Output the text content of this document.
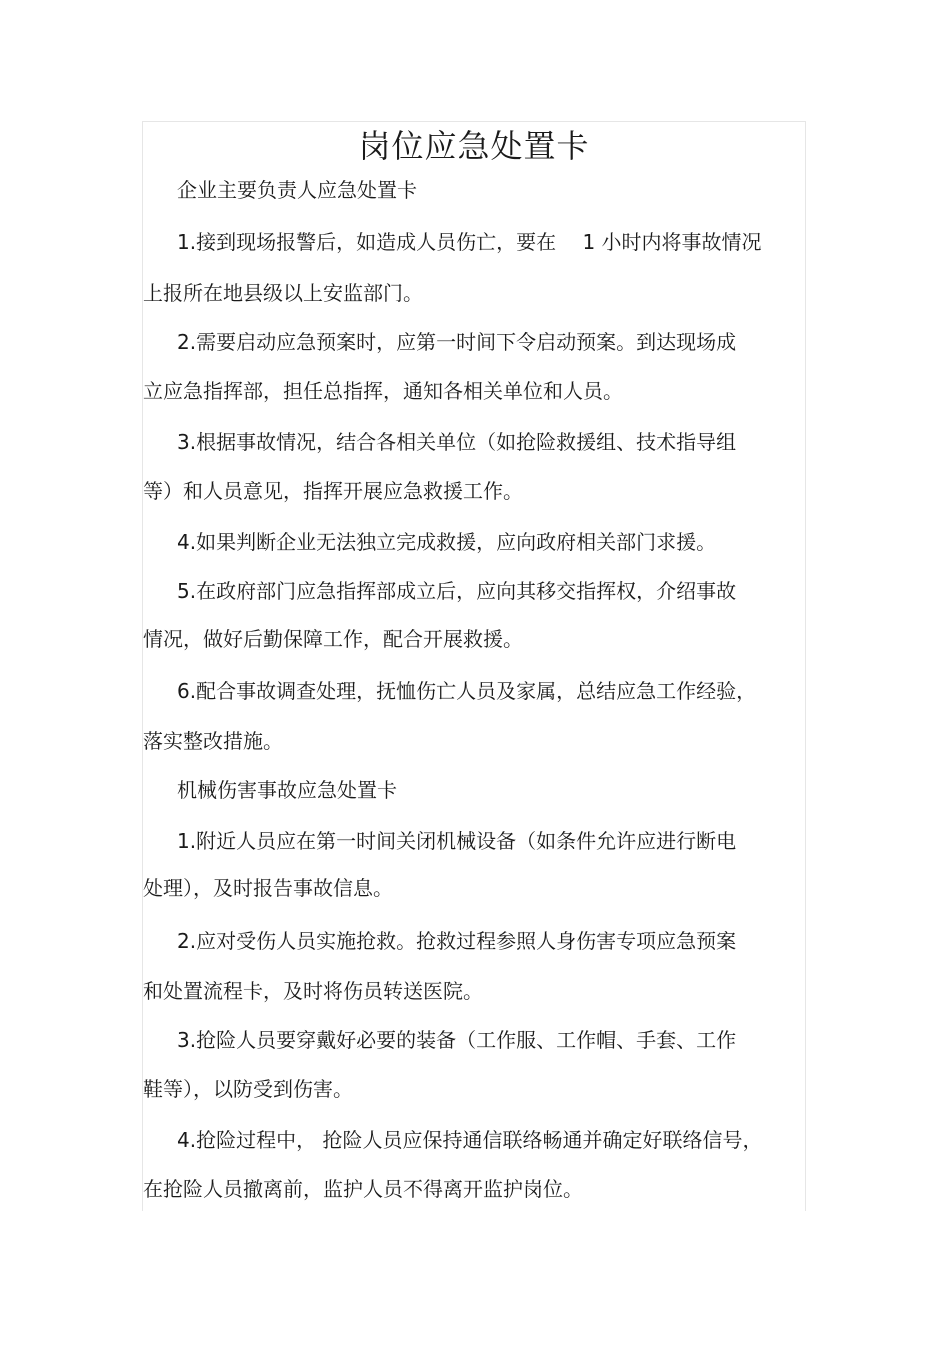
岗位应急处置卡

企业主要负责人应急处置卡

1.接到现场报警后，如造成人员伤亡，要在　 1 小时内将事故情况

上报所在地县级以上安监部门。

2.需要启动应急预案时，应第一时间下令启动预案。到达现场成

立应急指挥部，担任总指挥，通知各相关单位和人员。

3.根据事故情况，结合各相关单位（如抢险救援组、技术指导组

等）和人员意见，指挥开展应急救援工作。

4.如果判断企业无法独立完成救援，应向政府相关部门求援。

5.在政府部门应急指挥部成立后，应向其移交指挥权，介绍事故

情况，做好后勤保障工作，配合开展救援。

6.配合事故调查处理，抚恤伤亡人员及家属，总结应急工作经验，

落实整改措施。

机械伤害事故应急处置卡

1.附近人员应在第一时间关闭机械设备（如条件允许应进行断电

处理），及时报告事故信息。

2.应对受伤人员实施抢救。抢救过程参照人身伤害专项应急预案

和处置流程卡，及时将伤员转送医院。

3.抢险人员要穿戴好必要的装备（工作服、工作帽、手套、工作

鞋等），以防受到伤害。

4.抢险过程中， 抢险人员应保持通信联络畅通并确定好联络信号，

在抢险人员撤离前，监护人员不得离开监护岗位。
